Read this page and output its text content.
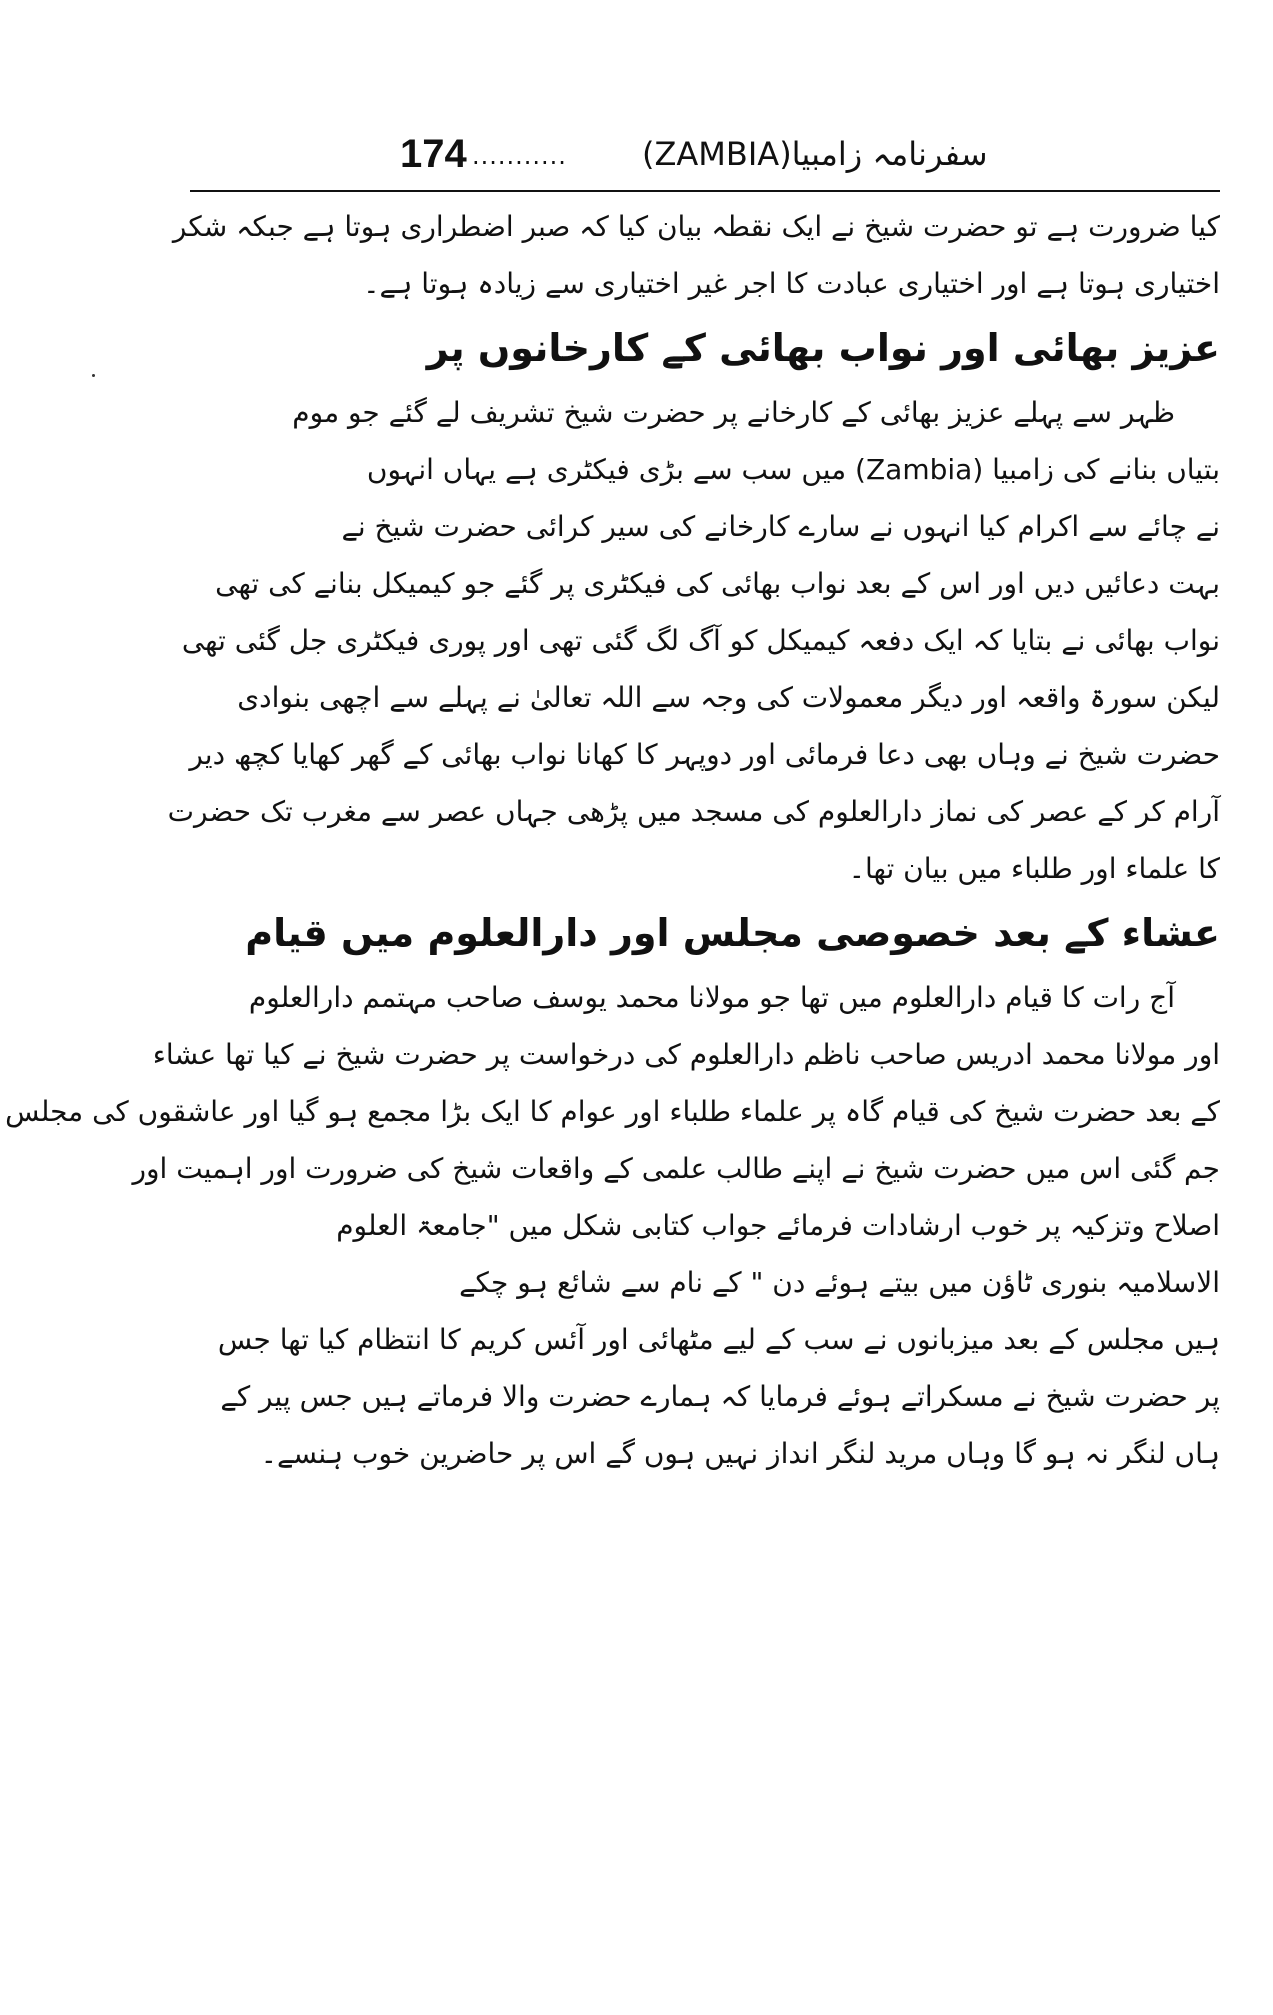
174 ........... سفرنامہ زامبیا(ZAMBIA)
کیا ضرورت ہے تو حضرت شیخ نے ایک نقطہ بیان کیا کہ صبر اضطراری ہوتا ہے جبکہ شکر
اختیاری ہوتا ہے اور اختیاری عبادت کا اجر غیر اختیاری سے زیادہ ہوتا ہے۔
عزیز بھائی اور نواب بھائی کے کارخانوں پر
ظہر سے پہلے عزیز بھائی کے کارخانے پر حضرت شیخ تشریف لے گئے جو موم
بتیاں بنانے کی زامبیا (Zambia) میں سب سے بڑی فیکٹری ہے یہاں انہوں
نے چائے سے اکرام کیا انہوں نے سارے کارخانے کی سیر کرائی حضرت شیخ نے
بہت دعائیں دیں اور اس کے بعد نواب بھائی کی فیکٹری پر گئے جو کیمیکل بنانے کی تھی
نواب بھائی نے بتایا کہ ایک دفعہ کیمیکل کو آگ لگ گئی تھی اور پوری فیکٹری جل گئی تھی
لیکن سورۃ واقعہ اور دیگر معمولات کی وجہ سے اللہ تعالیٰ نے پہلے سے اچھی بنوادی
حضرت شیخ نے وہاں بھی دعا فرمائی اور دوپہر کا کھانا نواب بھائی کے گھر کھایا کچھ دیر
آرام کر کے عصر کی نماز دارالعلوم کی مسجد میں پڑھی جہاں عصر سے مغرب تک حضرت
کا علماء اور طلباء میں بیان تھا۔
عشاء کے بعد خصوصی مجلس اور دارالعلوم میں قیام
آج رات کا قیام دارالعلوم میں تھا جو مولانا محمد یوسف صاحب مہتمم دارالعلوم
اور مولانا محمد ادریس صاحب ناظم دارالعلوم کی درخواست پر حضرت شیخ نے کیا تھا عشاء
کے بعد حضرت شیخ کی قیام گاہ پر علماء طلباء اور عوام کا ایک بڑا مجمع ہو گیا اور عاشقوں کی مجلس
جم گئی اس میں حضرت شیخ نے اپنے طالب علمی کے واقعات شیخ کی ضرورت اور اہمیت اور
اصلاح وتزکیہ پر خوب ارشادات فرمائے جواب کتابی شکل میں "جامعۃ العلوم
الاسلامیہ بنوری ٹاؤن میں بیتے ہوئے دن " کے نام سے شائع ہو چکے
ہیں مجلس کے بعد میزبانوں نے سب کے لیے مٹھائی اور آئس کریم کا انتظام کیا تھا جس
پر حضرت شیخ نے مسکراتے ہوئے فرمایا کہ ہمارے حضرت والا فرماتے ہیں جس پیر کے
ہاں لنگر نہ ہو گا وہاں مرید لنگر انداز نہیں ہوں گے اس پر حاضرین خوب ہنسے۔
